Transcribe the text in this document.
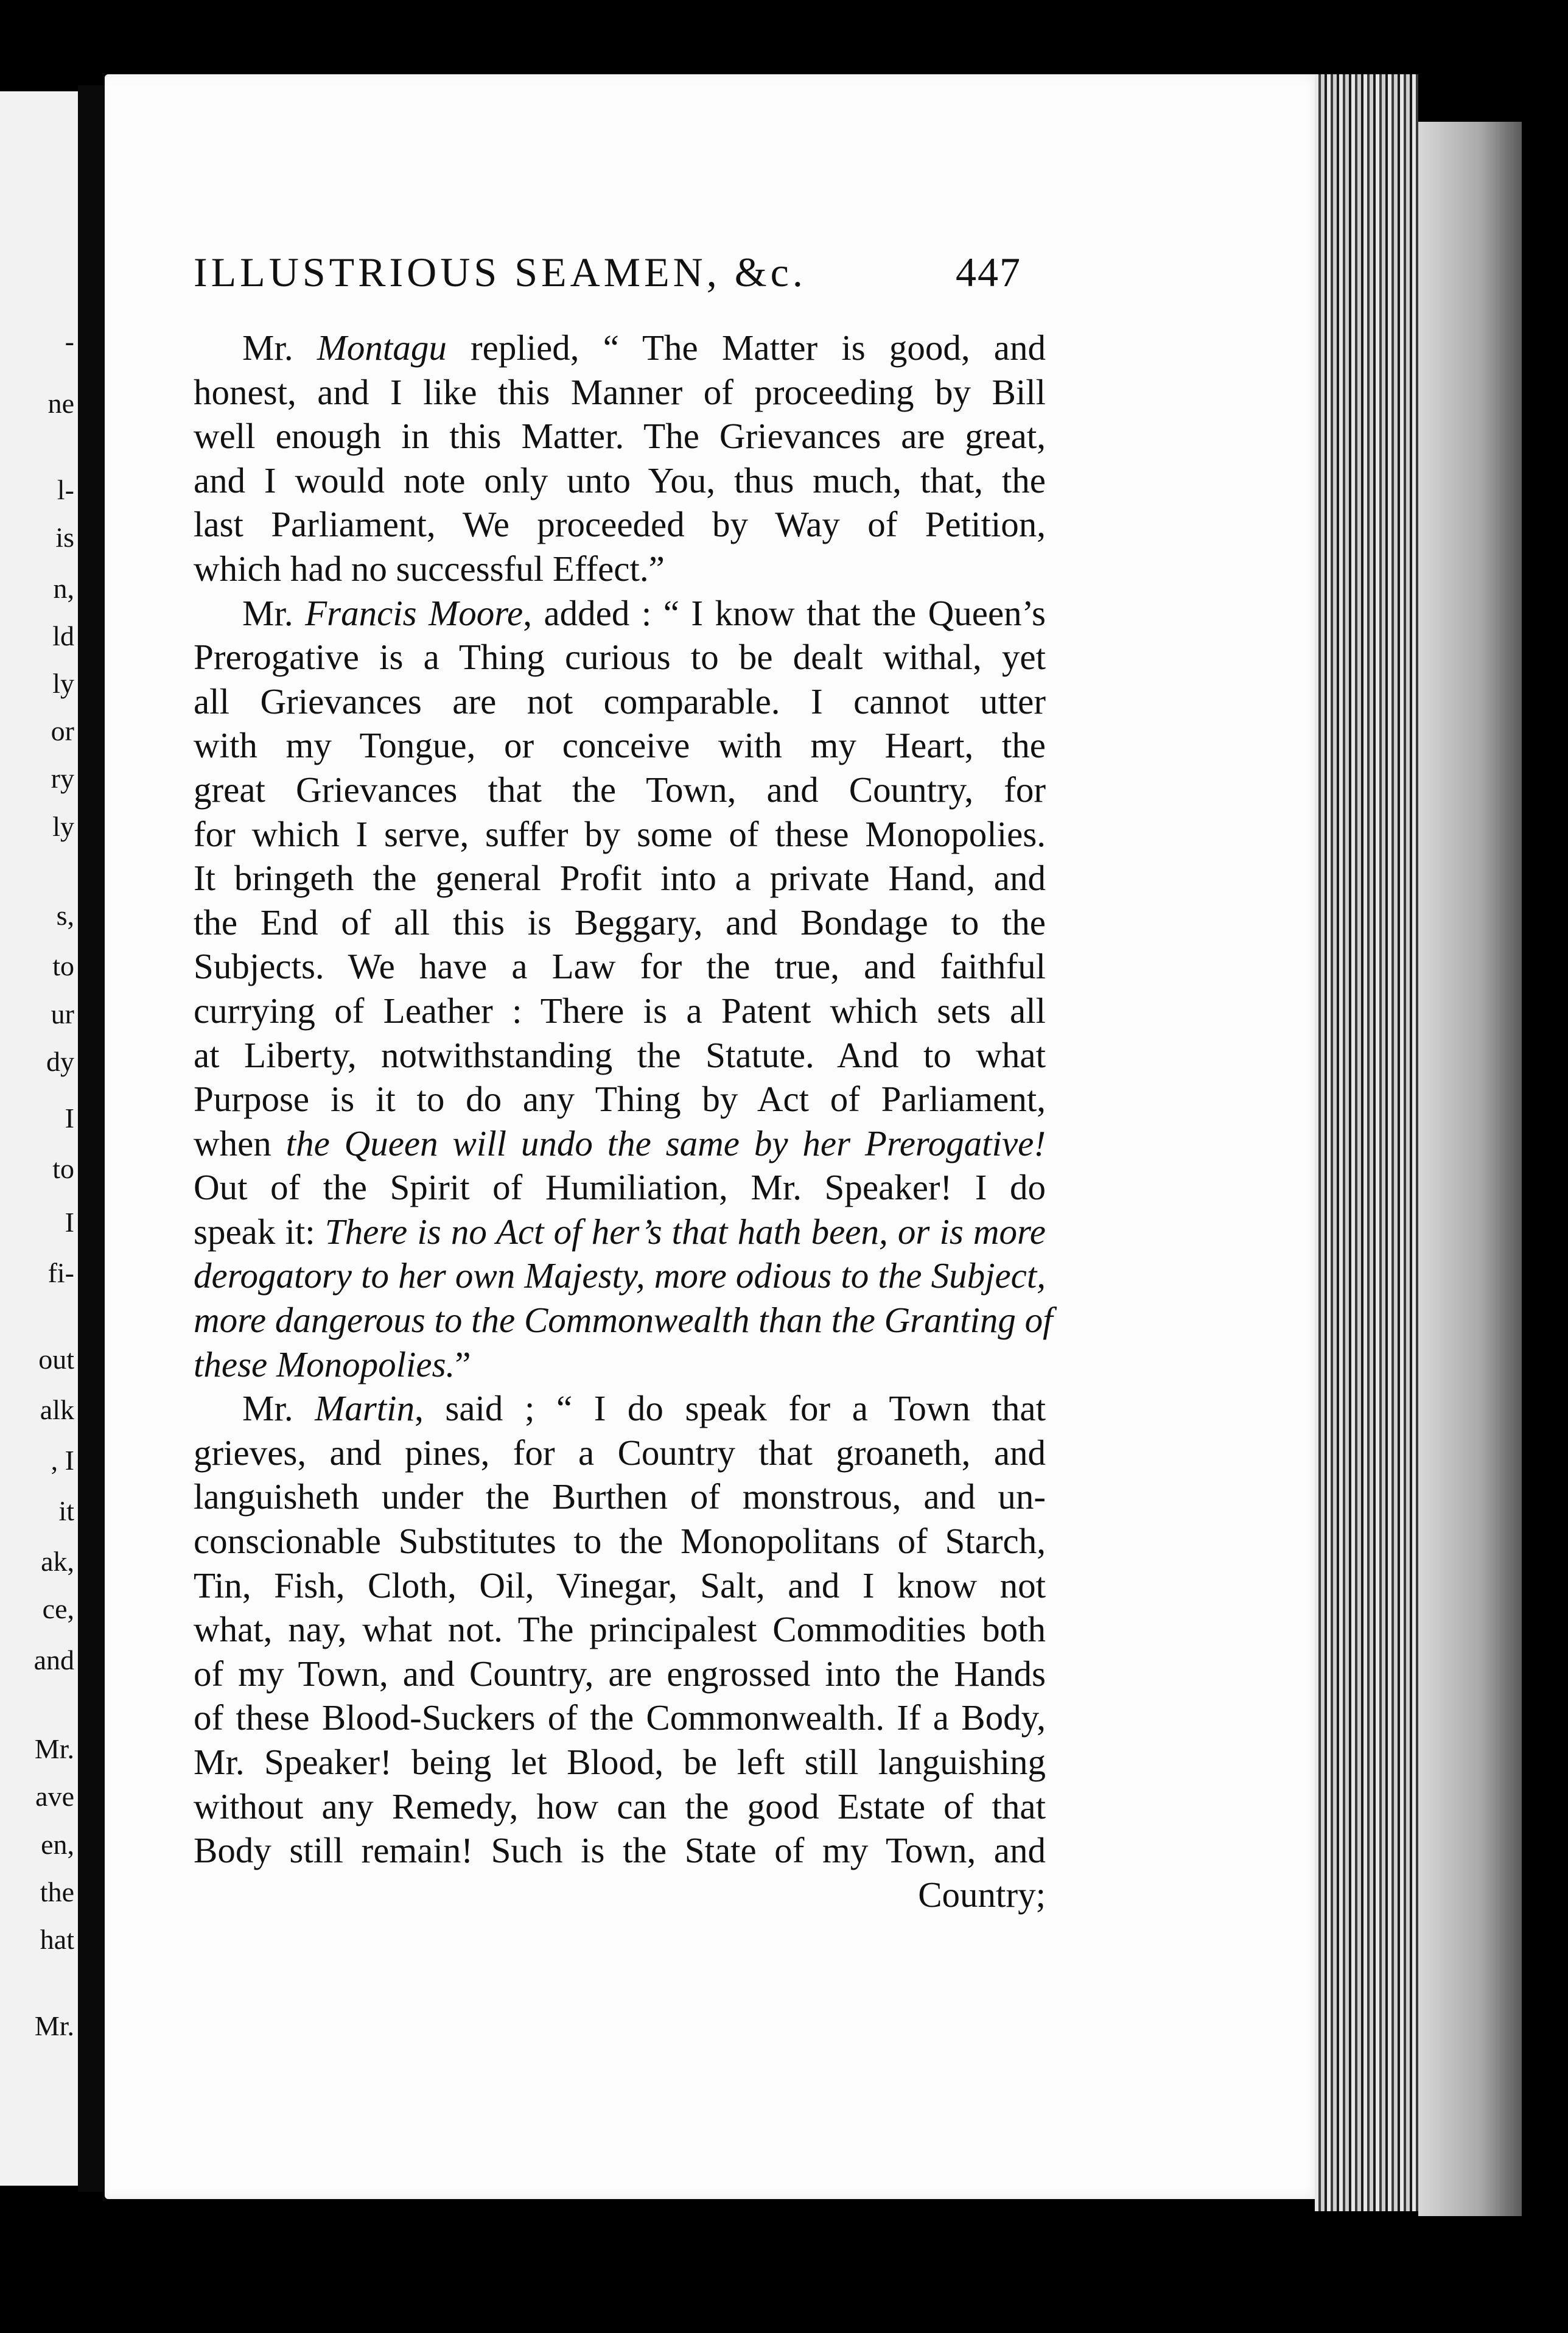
-
ne
l-
is
n,
ld
ly
or
ry
ly
s,
to
ur
dy
I
to
I
fi-
out
alk
, I
it
ak,
ce,
and
Mr.
ave
en,
the
hat
Mr.
ILLUSTRIOUS SEAMEN, &c.	447
Mr. Montagu replied, “ The Matter is good, and
honest, and I like this Manner of proceeding by Bill
well enough in this Matter. The Grievances are great,
and I would note only unto You, thus much, that, the
last Parliament, We proceeded by Way of Petition,
which had no successful Effect.”
Mr. Francis Moore, added : “ I know that the Queen’s
Prerogative is a Thing curious to be dealt withal, yet
all Grievances are not comparable. I cannot utter
with my Tongue, or conceive with my Heart, the
great Grievances that the Town, and Country, for
for which I serve, suffer by some of these Monopolies.
It bringeth the general Profit into a private Hand, and
the End of all this is Beggary, and Bondage to the
Subjects. We have a Law for the true, and faithful
currying of Leather : There is a Patent which sets all
at Liberty, notwithstanding the Statute. And to what
Purpose is it to do any Thing by Act of Parliament,
when the Queen will undo the same by her Prerogative!
Out of the Spirit of Humiliation, Mr. Speaker! I do
speak it: There is no Act of her’s that hath been, or is more
derogatory to her own Majesty, more odious to the Subject,
more dangerous to the Commonwealth than the Granting of
these Monopolies.”
Mr. Martin, said ; “ I do speak for a Town that
grieves, and pines, for a Country that groaneth, and
languisheth under the Burthen of monstrous, and un-
conscionable Substitutes to the Monopolitans of Starch,
Tin, Fish, Cloth, Oil, Vinegar, Salt, and I know not
what, nay, what not. The principalest Commodities both
of my Town, and Country, are engrossed into the Hands
of these Blood-Suckers of the Commonwealth. If a Body,
Mr. Speaker! being let Blood, be left still languishing
without any Remedy, how can the good Estate of that
Body still remain! Such is the State of my Town, and
Country;
